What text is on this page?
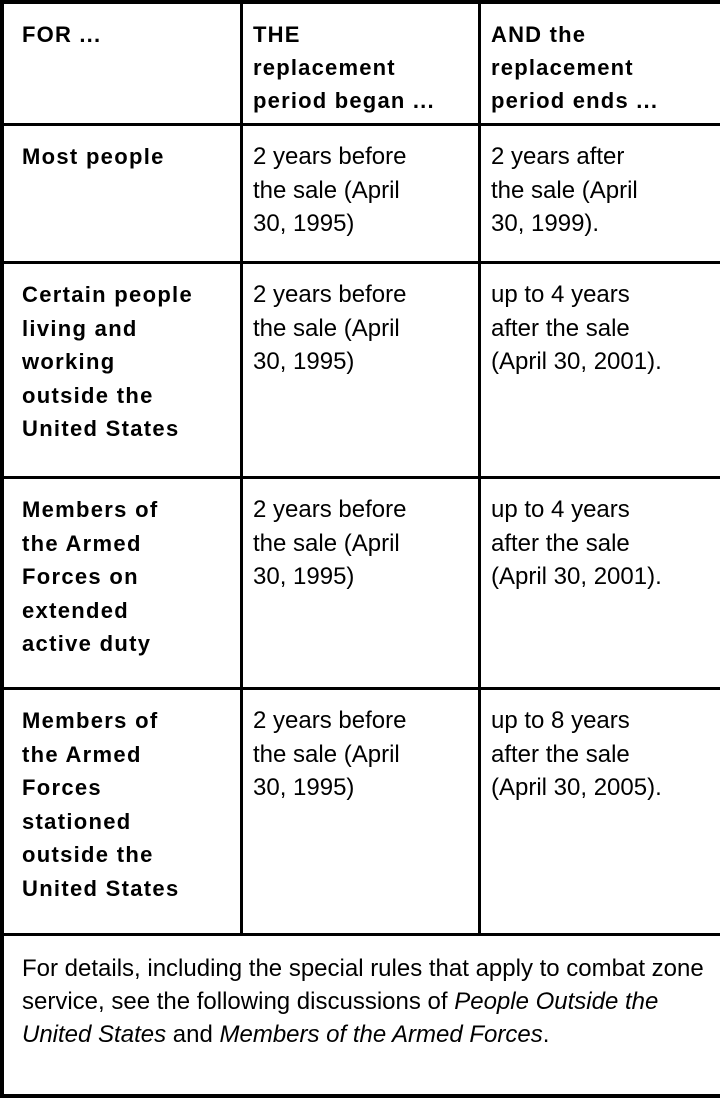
FOR ...	THE
replacement
period began ...
AND the
replacement
period ends ...
Most people	2 years before
the sale (April
30, 1995)
2 years after
the sale (April
30, 1999).
Certain people
living and
working
outside the
United States
2 years before
the sale (April
30, 1995)
up to 4 years
after the sale
(April 30, 2001).
Members of
the Armed
Forces on
extended
active duty
2 years before
the sale (April
30, 1995)
up to 4 years
after the sale
(April 30, 2001).
Members of
the Armed
Forces
stationed
outside the
United States
2 years before
the sale (April
30, 1995)
up to 8 years
after the sale
(April 30, 2005).
For details, including the special rules that apply to combat zone service, see the following discussions of People Outside the United States and Members of the Armed Forces.
